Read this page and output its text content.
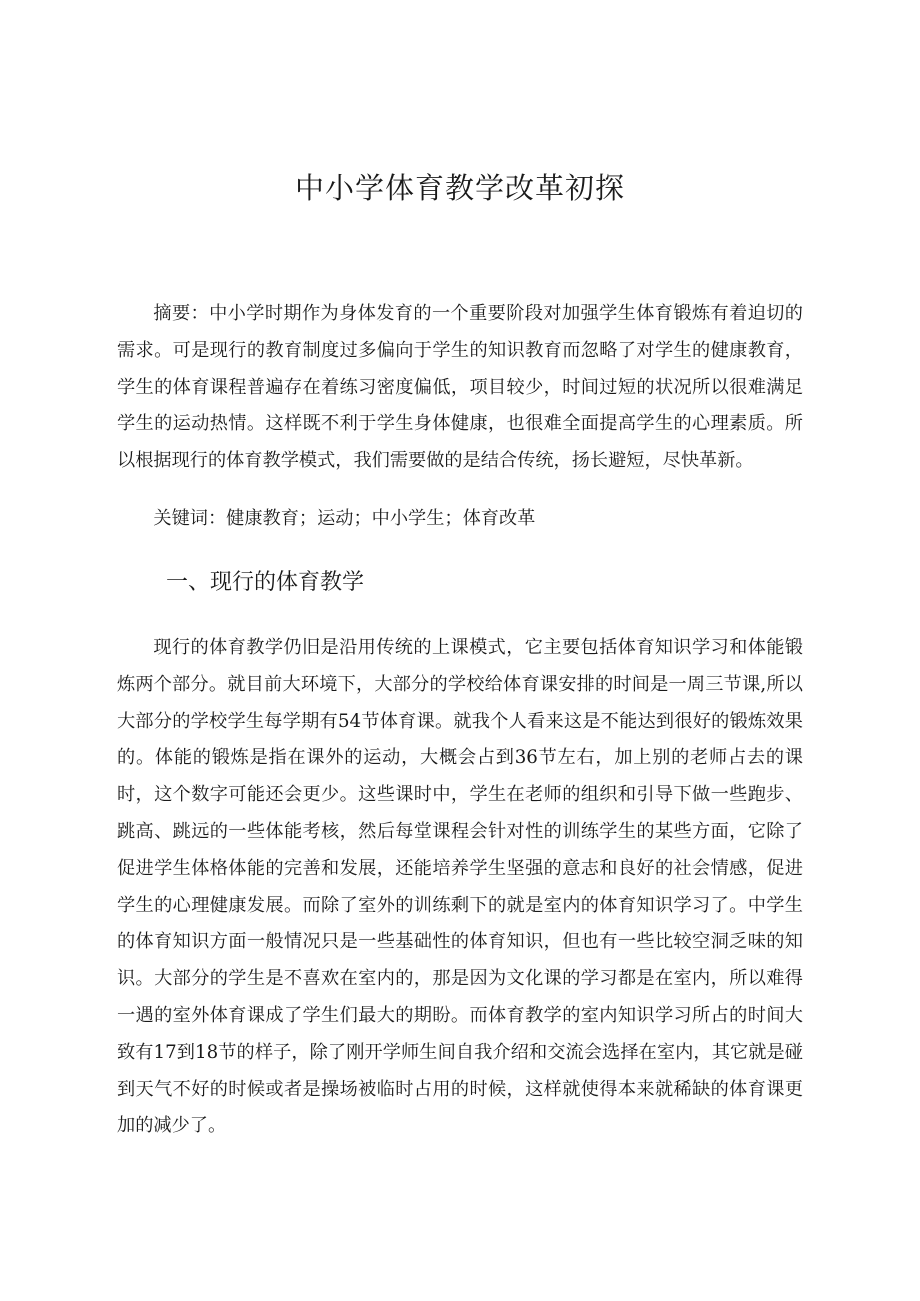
中小学体育教学改革初探

摘要：中小学时期作为身体发育的一个重要阶段对加强学生体育锻炼有着迫切的需求。可是现行的教育制度过多偏向于学生的知识教育而忽略了对学生的健康教育，学生的体育课程普遍存在着练习密度偏低，项目较少，时间过短的状况所以很难满足学生的运动热情。这样既不利于学生身体健康，也很难全面提高学生的心理素质。所以根据现行的体育教学模式，我们需要做的是结合传统，扬长避短，尽快革新。

关键词：健康教育；运动；中小学生；体育改革

一、现行的体育教学

现行的体育教学仍旧是沿用传统的上课模式，它主要包括体育知识学习和体能锻炼两个部分。就目前大环境下，大部分的学校给体育课安排的时间是一周三节课,所以大部分的学校学生每学期有54节体育课。就我个人看来这是不能达到很好的锻炼效果的。体能的锻炼是指在课外的运动，大概会占到36节左右，加上别的老师占去的课时，这个数字可能还会更少。这些课时中，学生在老师的组织和引导下做一些跑步、跳高、跳远的一些体能考核，然后每堂课程会针对性的训练学生的某些方面，它除了促进学生体格体能的完善和发展，还能培养学生坚强的意志和良好的社会情感，促进学生的心理健康发展。而除了室外的训练剩下的就是室内的体育知识学习了。中学生的体育知识方面一般情况只是一些基础性的体育知识，但也有一些比较空洞乏味的知识。大部分的学生是不喜欢在室内的，那是因为文化课的学习都是在室内，所以难得一遇的室外体育课成了学生们最大的期盼。而体育教学的室内知识学习所占的时间大致有17到18节的样子，除了刚开学师生间自我介绍和交流会选择在室内，其它就是碰到天气不好的时候或者是操场被临时占用的时候，这样就使得本来就稀缺的体育课更加的减少了。
